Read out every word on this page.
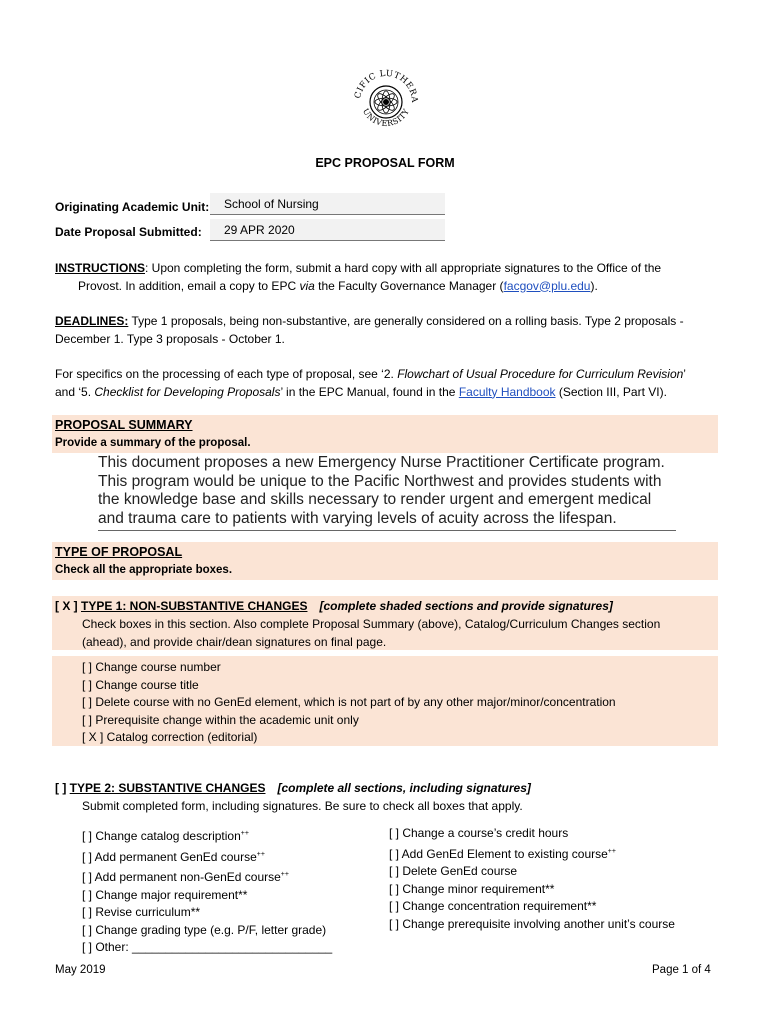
CIFIC LUTHERA
UNIVERSITY
EPC PROPOSAL FORM
Originating Academic Unit:	School of Nursing
Date Proposal Submitted:	29 APR 2020
INSTRUCTIONS: Upon completing the form, submit a hard copy with all appropriate signatures to the Office of the
Provost. In addition, email a copy to EPC via the Faculty Governance Manager (facgov@plu.edu).
DEADLINES: Type 1 proposals, being non-substantive, are generally considered on a rolling basis. Type 2 proposals -
December 1. Type 3 proposals - October 1.
For specifics on the processing of each type of proposal, see ‘2. Flowchart of Usual Procedure for Curriculum Revision’
and ‘5. Checklist for Developing Proposals’ in the EPC Manual, found in the Faculty Handbook (Section III, Part VI).
PROPOSAL SUMMARY
Provide a summary of the proposal.
This document proposes a new Emergency Nurse Practitioner Certificate program. This program would be unique to the Pacific Northwest and provides students with the knowledge base and skills necessary to render urgent and emergent medical and trauma care to patients with varying levels of acuity across the lifespan.
TYPE OF PROPOSAL
Check all the appropriate boxes.
[ X ] TYPE 1: NON-SUBSTANTIVE CHANGES [complete shaded sections and provide signatures]
Check boxes in this section. Also complete Proposal Summary (above), Catalog/Curriculum Changes section
(ahead), and provide chair/dean signatures on final page.
[ ] Change course number
[ ] Change course title
[ ] Delete course with no GenEd element, which is not part of by any other major/minor/concentration
[ ] Prerequisite change within the academic unit only
[ X ] Catalog correction (editorial)
[ ] TYPE 2: SUBSTANTIVE CHANGES [complete all sections, including signatures]
Submit completed form, including signatures. Be sure to check all boxes that apply.
[ ] Change catalog description++
[ ] Add permanent GenEd course++
[ ] Add permanent non-GenEd course++
[ ] Change major requirement**
[ ] Revise curriculum**
[ ] Change grading type (e.g. P/F, letter grade)
[ ] Other: ______________________________
[ ] Change a course’s credit hours
[ ] Add GenEd Element to existing course++
[ ] Delete GenEd course
[ ] Change minor requirement**
[ ] Change concentration requirement**
[ ] Change prerequisite involving another unit’s course
May 2019	Page 1 of 4
